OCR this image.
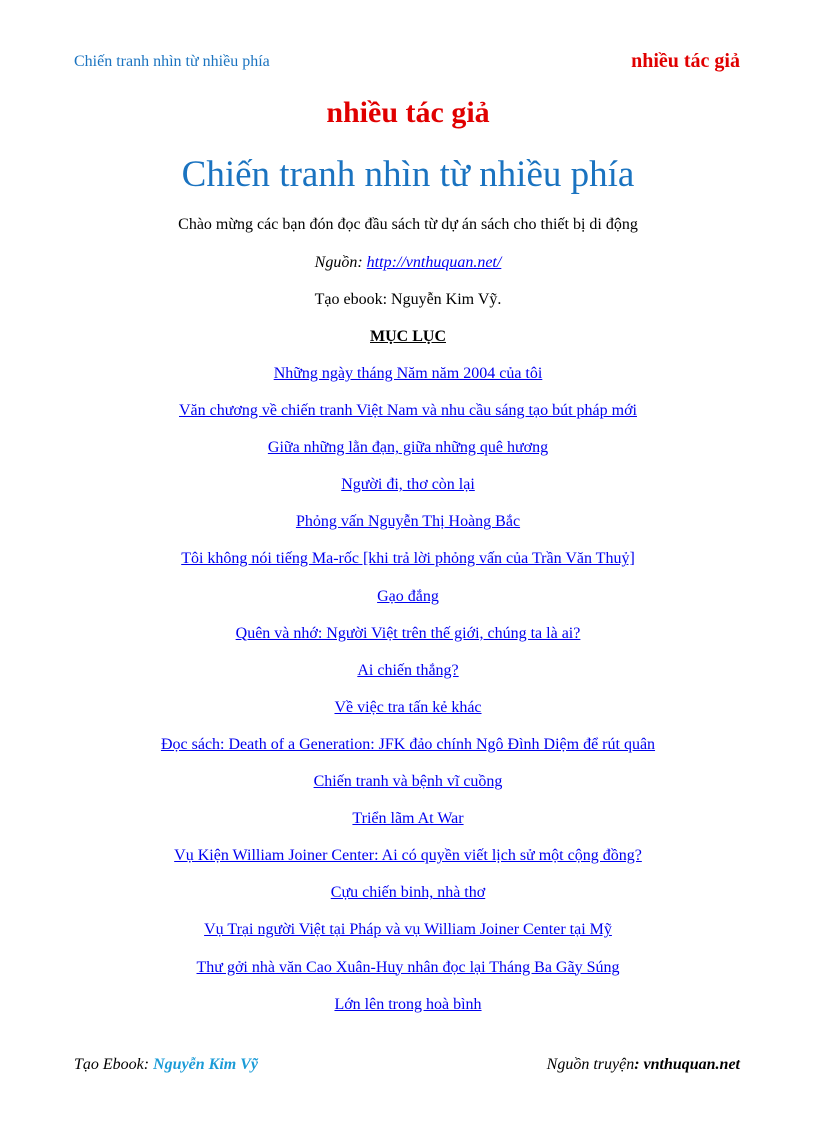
Chiến tranh nhìn từ nhiều phía	nhiều tác giả
nhiều tác giả
Chiến tranh nhìn từ nhiều phía
Chào mừng các bạn đón đọc đầu sách từ dự án sách cho thiết bị di động
Nguồn: http://vnthuquan.net/
Tạo ebook: Nguyễn Kim Vỹ.
MỤC LỤC
Những ngày tháng Năm năm 2004 của tôi
Văn chương về chiến tranh Việt Nam và nhu cầu sáng tạo bút pháp mới
Giữa những lằn đạn, giữa những quê hương
Người đi, thơ còn lại
Phỏng vấn Nguyễn Thị Hoàng Bắc
Tôi không nói tiếng Ma-rốc [khi trả lời phỏng vấn của Trần Văn Thuỷ]
Gạo đắng
Quên và nhớ: Người Việt trên thế giới, chúng ta là ai?
Ai chiến thắng?
Về việc tra tấn kẻ khác
Đọc sách: Death of a Generation: JFK đảo chính Ngô Đình Diệm để rút quân
Chiến tranh và bệnh vĩ cuồng
Triển lãm At War
Vụ Kiện William Joiner Center: Ai có quyền viết lịch sử một cộng đồng?
Cựu chiến binh, nhà thơ
Vụ Trại người Việt tại Pháp và vụ William Joiner Center tại Mỹ
Thư gởi nhà văn Cao Xuân-Huy nhân đọc lại Tháng Ba Gãy Súng
Lớn lên trong hoà bình
Tạo Ebook: Nguyễn Kim Vỹ	Nguồn truyện: vnthuquan.net
